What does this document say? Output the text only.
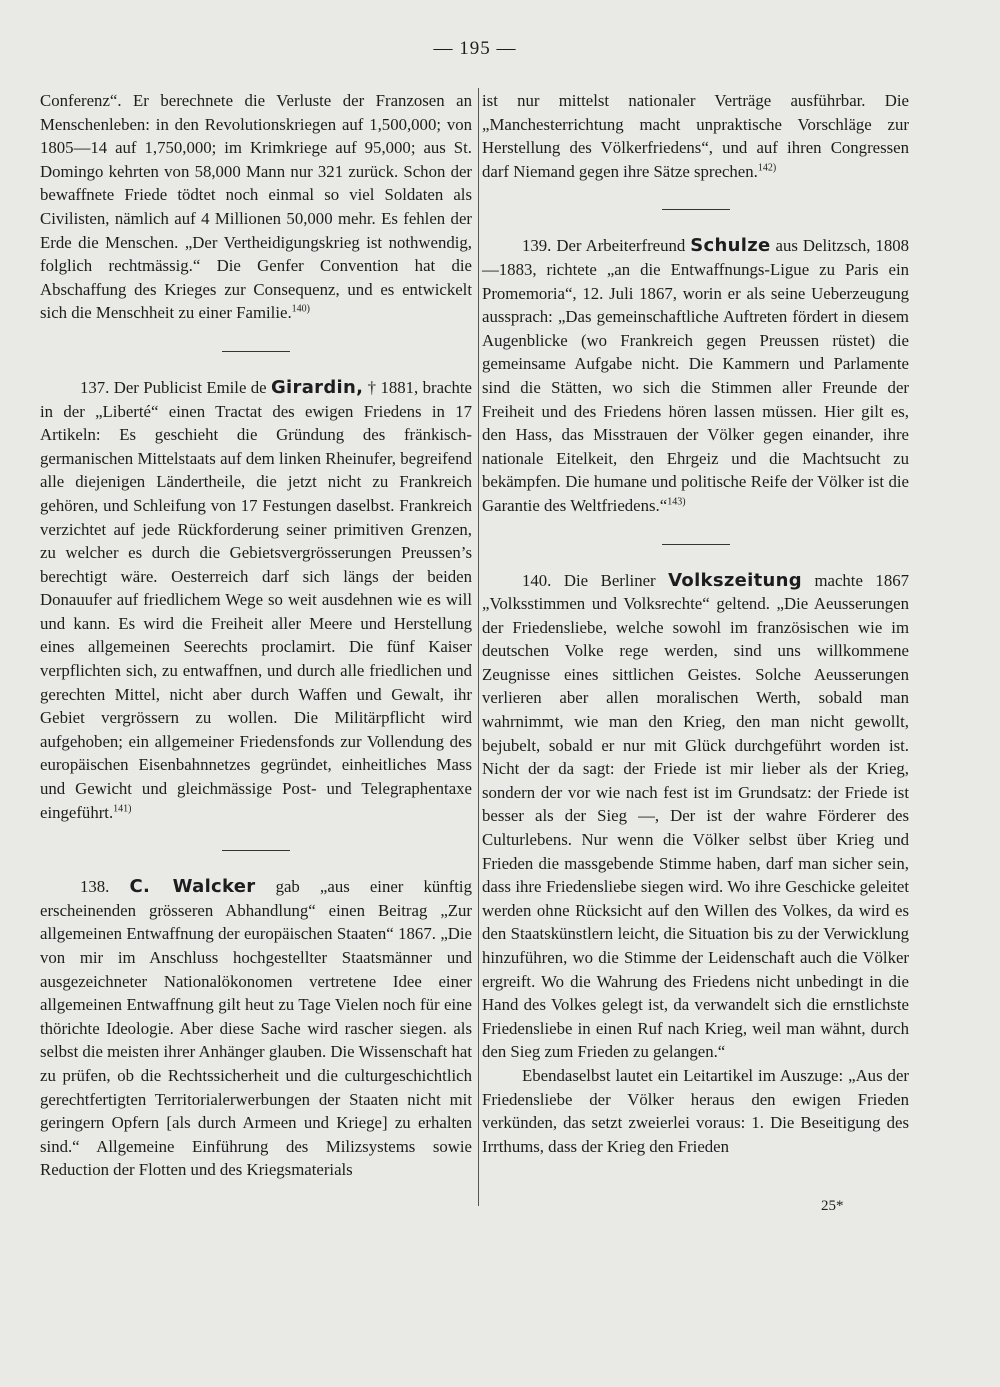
— 195 —

Conferenz“. Er berechnete die Verluste der Franzosen an Menschenleben: in den Revolutionskriegen auf 1,500,000; von 1805—14 auf 1,750,000; im Krimkriege auf 95,000; aus St. Domingo kehrten von 58,000 Mann nur 321 zurück. Schon der bewaffnete Friede tödtet noch einmal so viel Soldaten als Civilisten, nämlich auf 4 Millionen 50,000 mehr. Es fehlen der Erde die Menschen. „Der Vertheidigungskrieg ist nothwendig, folglich rechtmässig.“ Die Genfer Convention hat die Abschaffung des Krieges zur Consequenz, und es entwickelt sich die Menschheit zu einer Familie.$^{140)}$

137. Der Publicist Emile de Girardin, † 1881, brachte in der „Liberté“ einen Tractat des ewigen Friedens in 17 Artikeln: Es geschieht die Gründung des fränkisch-germanischen Mittelstaats auf dem linken Rheinufer, begreifend alle diejenigen Ländertheile, die jetzt nicht zu Frankreich gehören, und Schleifung von 17 Festungen daselbst. Frankreich verzichtet auf jede Rückforderung seiner primitiven Grenzen, zu welcher es durch die Gebietsvergrösserungen Preussen’s berechtigt wäre. Oesterreich darf sich längs der beiden Donauufer auf friedlichem Wege so weit ausdehnen wie es will und kann. Es wird die Freiheit aller Meere und Herstellung eines allgemeinen Seerechts proclamirt. Die fünf Kaiser verpflichten sich, zu entwaffnen, und durch alle friedlichen und gerechten Mittel, nicht aber durch Waffen und Gewalt, ihr Gebiet vergrössern zu wollen. Die Militärpflicht wird aufgehoben; ein allgemeiner Friedensfonds zur Vollendung des europäischen Eisenbahnnetzes gegründet, einheitliches Mass und Gewicht und gleichmässige Post- und Telegraphentaxe eingeführt.$^{141)}$

138. C. Walcker gab „aus einer künftig erscheinenden grösseren Abhandlung“ einen Beitrag „Zur allgemeinen Entwaffnung der europäischen Staaten“ 1867. „Die von mir im Anschluss hochgestellter Staatsmänner und ausgezeichneter Nationalökonomen vertretene Idee einer allgemeinen Entwaffnung gilt heut zu Tage Vielen noch für eine thörichte Ideologie. Aber diese Sache wird rascher siegen. als selbst die meisten ihrer Anhänger glauben. Die Wissenschaft hat zu prüfen, ob die Rechtssicherheit und die culturgeschichtlich gerechtfertigten Territorialerwerbungen der Staaten nicht mit geringern Opfern [als durch Armeen und Kriege] zu erhalten sind.“ Allgemeine Einführung des Milizsystems sowie Reduction der Flotten und des Kriegsmaterials

ist nur mittelst nationaler Verträge ausführbar. Die „Manchesterrichtung macht unpraktische Vorschläge zur Herstellung des Völkerfriedens“, und auf ihren Congressen darf Niemand gegen ihre Sätze sprechen.$^{142)}$

139. Der Arbeiterfreund Schulze aus Delitzsch, 1808—1883, richtete „an die Entwaffnungs-Ligue zu Paris ein Promemoria“, 12. Juli 1867, worin er als seine Ueberzeugung aussprach: „Das gemeinschaftliche Auftreten fördert in diesem Augenblicke (wo Frankreich gegen Preussen rüstet) die gemeinsame Aufgabe nicht. Die Kammern und Parlamente sind die Stätten, wo sich die Stimmen aller Freunde der Freiheit und des Friedens hören lassen müssen. Hier gilt es, den Hass, das Misstrauen der Völker gegen einander, ihre nationale Eitelkeit, den Ehrgeiz und die Machtsucht zu bekämpfen. Die humane und politische Reife der Völker ist die Garantie des Weltfriedens.“$^{143)}$

140. Die Berliner Volkszeitung machte 1867 „Volksstimmen und Volksrechte“ geltend. „Die Aeusserungen der Friedensliebe, welche sowohl im französischen wie im deutschen Volke rege werden, sind uns willkommene Zeugnisse eines sittlichen Geistes. Solche Aeusserungen verlieren aber allen moralischen Werth, sobald man wahrnimmt, wie man den Krieg, den man nicht gewollt, bejubelt, sobald er nur mit Glück durchgeführt worden ist. Nicht der da sagt: der Friede ist mir lieber als der Krieg, sondern der vor wie nach fest ist im Grundsatz: der Friede ist besser als der Sieg —, Der ist der wahre Förderer des Culturlebens. Nur wenn die Völker selbst über Krieg und Frieden die massgebende Stimme haben, darf man sicher sein, dass ihre Friedensliebe siegen wird. Wo ihre Geschicke geleitet werden ohne Rücksicht auf den Willen des Volkes, da wird es den Staatskünstlern leicht, die Situation bis zu der Verwicklung hinzuführen, wo die Stimme der Leidenschaft auch die Völker ergreift. Wo die Wahrung des Friedens nicht unbedingt in die Hand des Volkes gelegt ist, da verwandelt sich die ernstlichste Friedensliebe in einen Ruf nach Krieg, weil man wähnt, durch den Sieg zum Frieden zu gelangen.“

Ebendaselbst lautet ein Leitartikel im Auszuge: „Aus der Friedensliebe der Völker heraus den ewigen Frieden verkünden, das setzt zweierlei voraus: 1. Die Beseitigung des Irrthums, dass der Krieg den Frieden

25*
